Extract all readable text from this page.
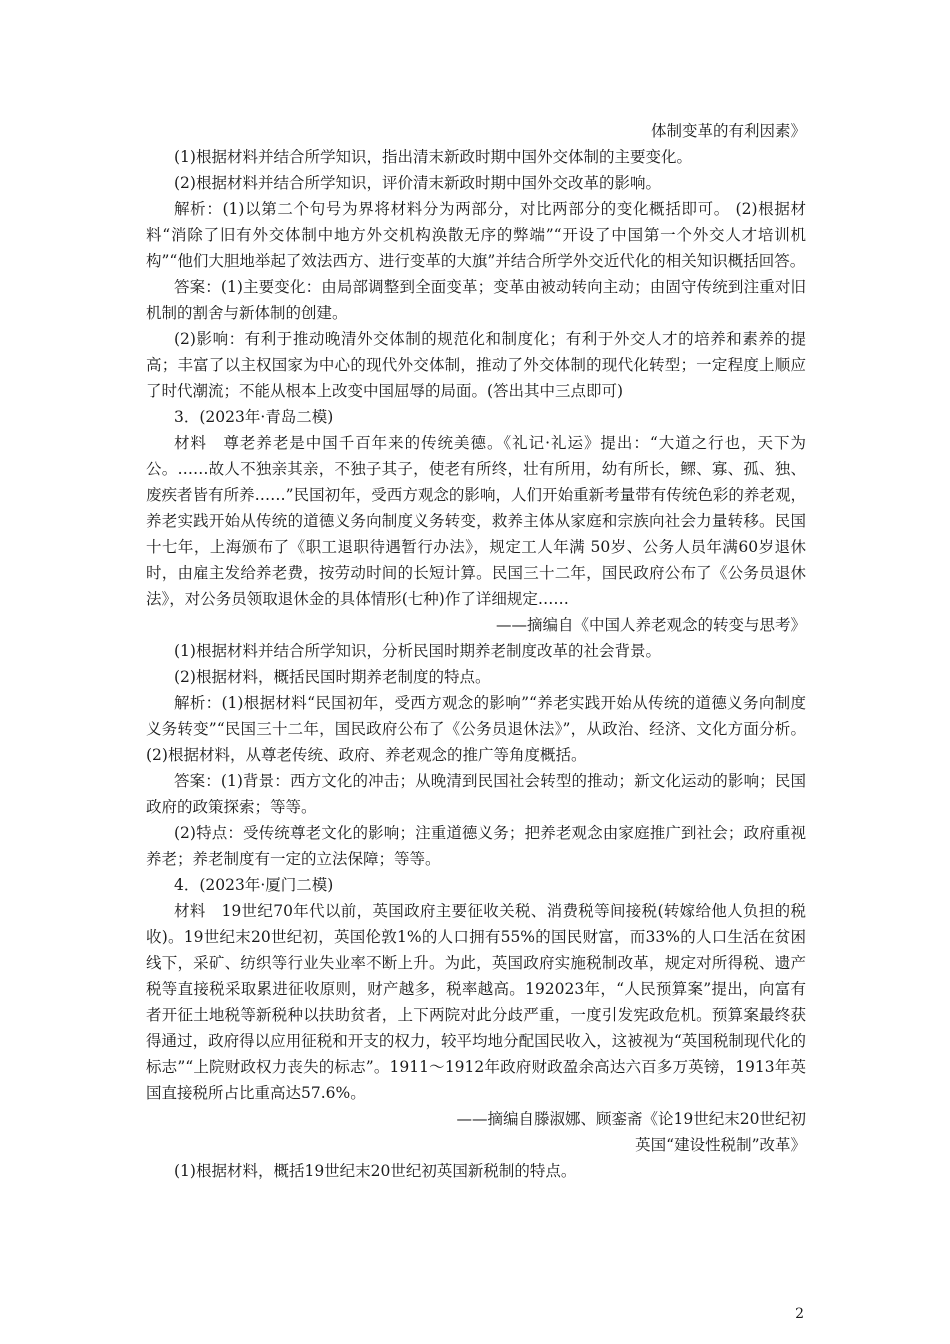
体制变革的有利因素》

(1)根据材料并结合所学知识，指出清末新政时期中国外交体制的主要变化。

(2)根据材料并结合所学知识，评价清末新政时期中国外交改革的影响。

解析：(1)以第二个句号为界将材料分为两部分，对比两部分的变化概括即可。 (2)根据材料“消除了旧有外交体制中地方外交机构涣散无序的弊端”“开设了中国第一个外交人才培训机构”“他们大胆地举起了效法西方、进行变革的大旗”并结合所学外交近代化的相关知识概括回答。

答案：(1)主要变化：由局部调整到全面变革；变革由被动转向主动；由固守传统到注重对旧机制的割舍与新体制的创建。

(2)影响：有利于推动晚清外交体制的规范化和制度化；有利于外交人才的培养和素养的提高；丰富了以主权国家为中心的现代外交体制，推动了外交体制的现代化转型；一定程度上顺应了时代潮流；不能从根本上改变中国屈辱的局面。(答出其中三点即可)

3．(2023年·青岛二模)

材料　尊老养老是中国千百年来的传统美德。《礼记·礼运》提出：“大道之行也，天下为公。……故人不独亲其亲，不独子其子，使老有所终，壮有所用，幼有所长，鳏、寡、孤、独、废疾者皆有所养……”民国初年，受西方观念的影响，人们开始重新考量带有传统色彩的养老观，养老实践开始从传统的道德义务向制度义务转变，救养主体从家庭和宗族向社会力量转移。民国十七年，上海颁布了《职工退职待遇暂行办法》，规定工人年满 50岁、公务人员年满60岁退休时，由雇主发给养老费，按劳动时间的长短计算。民国三十二年，国民政府公布了《公务员退休法》，对公务员领取退休金的具体情形(七种)作了详细规定……

——摘编自《中国人养老观念的转变与思考》

(1)根据材料并结合所学知识，分析民国时期养老制度改革的社会背景。

(2)根据材料，概括民国时期养老制度的特点。

解析：(1)根据材料“民国初年，受西方观念的影响”“养老实践开始从传统的道德义务向制度义务转变”“民国三十二年，国民政府公布了《公务员退休法》”，从政治、经济、文化方面分析。(2)根据材料，从尊老传统、政府、养老观念的推广等角度概括。

答案：(1)背景：西方文化的冲击；从晚清到民国社会转型的推动；新文化运动的影响；民国政府的政策探索；等等。

(2)特点：受传统尊老文化的影响；注重道德义务；把养老观念由家庭推广到社会；政府重视养老；养老制度有一定的立法保障；等等。

4．(2023年·厦门二模)

材料　19世纪70年代以前，英国政府主要征收关税、消费税等间接税(转嫁给他人负担的税收)。19世纪末20世纪初，英国伦敦1%的人口拥有55%的国民财富，而33%的人口生活在贫困线下，采矿、纺织等行业失业率不断上升。为此，英国政府实施税制改革，规定对所得税、遗产税等直接税采取累进征收原则，财产越多，税率越高。192023年，“人民预算案”提出，向富有者开征土地税等新税种以扶助贫者，上下两院对此分歧严重，一度引发宪政危机。预算案最终获得通过，政府得以应用征税和开支的权力，较平均地分配国民收入，这被视为“英国税制现代化的标志”“上院财政权力丧失的标志”。1911～1912年政府财政盈余高达六百多万英镑，1913年英国直接税所占比重高达57.6%。

——摘编自滕淑娜、顾銮斋《论19世纪末20世纪初

英国“建设性税制”改革》

(1)根据材料，概括19世纪末20世纪初英国新税制的特点。

2
